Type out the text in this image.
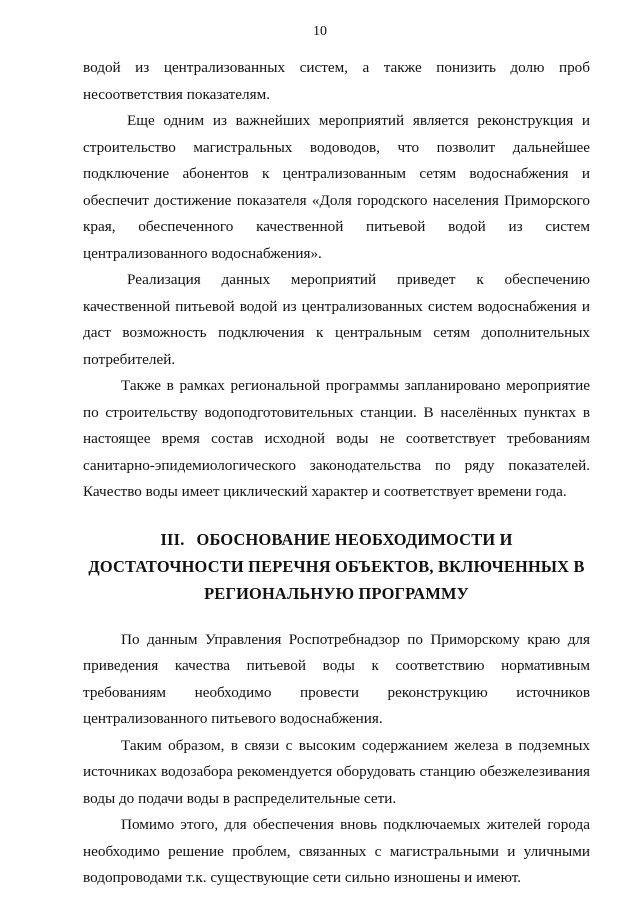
10

водой из централизованных систем, а также понизить долю проб несоответствия показателям.

Еще одним из важнейших мероприятий является реконструкция и строительство магистральных водоводов, что позволит дальнейшее подключение абонентов к централизованным сетям водоснабжения и обеспечит достижение показателя «Доля городского населения Приморского края, обеспеченного качественной питьевой водой из систем централизованного водоснабжения».

Реализация данных мероприятий приведет к обеспечению качественной питьевой водой из централизованных систем водоснабжения и даст возможность подключения к центральным сетям дополнительных потребителей.

Также в рамках региональной программы запланировано мероприятие по строительству водоподготовительных станции. В населённых пунктах в настоящее время состав исходной воды не соответствует требованиям санитарно-эпидемиологического законодательства по ряду показателей. Качество воды имеет циклический характер и соответствует времени года.

III. ОБОСНОВАНИЕ НЕОБХОДИМОСТИ И ДОСТАТОЧНОСТИ ПЕРЕЧНЯ ОБЪЕКТОВ, ВКЛЮЧЕННЫХ В РЕГИОНАЛЬНУЮ ПРОГРАММУ

По данным Управления Роспотребнадзор по Приморскому краю для приведения качества питьевой воды к соответствию нормативным требованиям необходимо провести реконструкцию источников централизованного питьевого водоснабжения.

Таким образом, в связи с высоким содержанием железа в подземных источниках водозабора рекомендуется оборудовать станцию обезжелезивания воды до подачи воды в распределительные сети.

Помимо этого, для обеспечения вновь подключаемых жителей города необходимо решение проблем, связанных с магистральными и уличными водопроводами т.к. существующие сети сильно изношены и имеют.
